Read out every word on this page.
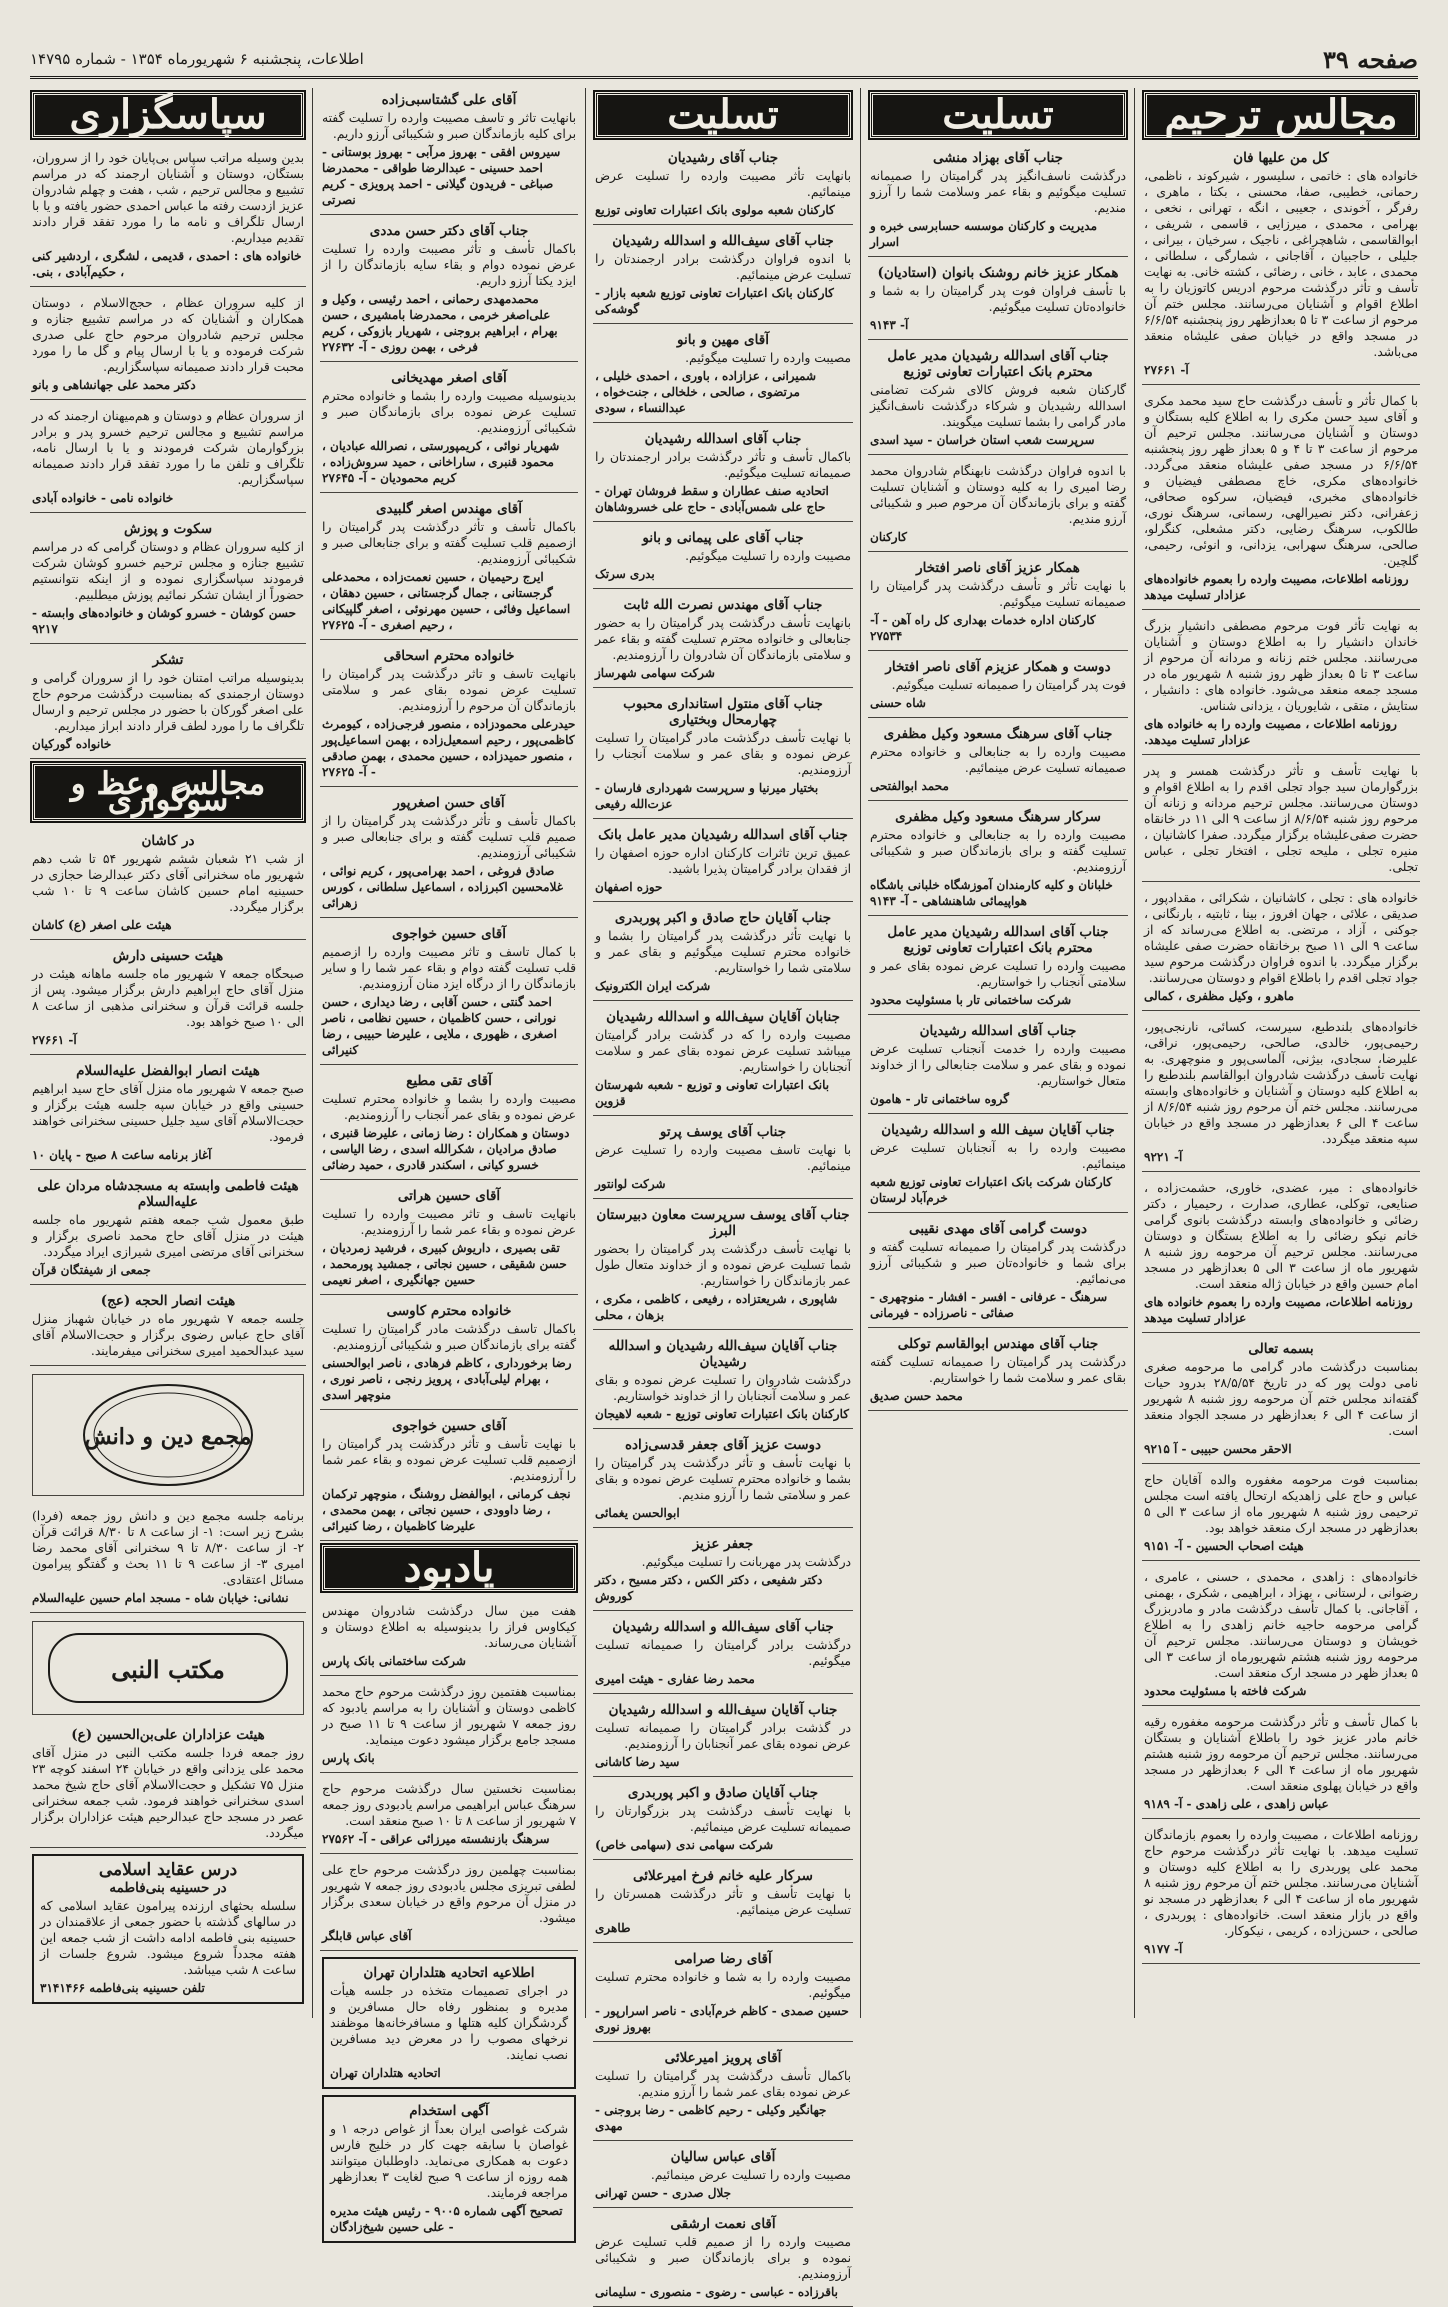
صفحه ۳۹
اطلاعات، پنجشنبه ۶ شهریورماه ۱۳۵۴ - شماره ۱۴۷۹۵
مجالس ترحیم
کل من علیها فان
خانواده های : خاتمی ، سلیسور ، شیرکوند ، ناظمی، رحمانی، خطیبی، صفا، محسنی ، بکتا ، ماهری ، رفرگر ، آخوندی ، جعیبی ، انگه ، تهرانی ، نخعی ، بهرامی ، محمدی ، میرزایی ، قاسمی ، شریفی ، ابوالقاسمی ، شاهچراغی ، ناجیک ، سرخیان ، بیرانی ، جلیلی ، حاجبیان ، آقاجانی ، شمارگی ، سلطانی ، محمدی ، عابد ، خانی ، رضائی ، کشته خانی. به نهایت تأسف و تأثر درگذشت مرحوم ادریس کاتوزیان را به اطلاع اقوام و آشنایان می‌رسانند. مجلس ختم آن مرحوم از ساعت ۳ تا ۵ بعدازظهر روز پنجشنبه ۶/۶/۵۴ در مسجد واقع در خیابان صفی علیشاه منعقد می‌باشد.
آ- ۲۷۶۶۱
با کمال تأثر و تأسف درگذشت حاج سید محمد مکری و آقای سید حسن مکری را به اطلاع کلیه بستگان و دوستان و آشنایان می‌رسانند. مجلس ترحیم آن مرحوم از ساعت ۳ تا ۴ و ۵ بعداز ظهر روز پنجشنبه ۶/۶/۵۴ در مسجد صفی علیشاه منعقد می‌گردد. خانواده‌های مکری، خاچ مصطفی فیضیان و خانواده‌های مخبری، فیضیان، سرکوه صحافی، زعفرانی، دکتر نصیرالهی، رسمانی، سرهنگ نوری، طالکوب، سرهنگ رضایی، دکتر مشعلی، کنگرلو، صالحی، سرهنگ سهرابی، یزدانی، و انوئی، رحیمی، گلچین.
روزنامه اطلاعات، مصیبت وارده را بعموم خانواده‌های عزادار تسلیت میدهد
به نهایت تأثر فوت مرحوم مصطفی دانشیار بزرگ خاندان دانشیار را به اطلاع دوستان و آشنایان می‌رسانند. مجلس ختم زنانه و مردانه آن مرحوم از ساعت ۳ تا ۵ بعداز ظهر روز شنبه ۸ شهریور ماه در مسجد جمعه منعقد می‌شود. خانواده های : دانشیار ، ستایش ، متقی ، شایوریان ، یزدانی شناس.
روزنامه اطلاعات ، مصیبت وارده را به خانواده های عزادار تسلیت میدهد.
با نهایت تأسف و تأثر درگذشت همسر و پدر بزرگوارمان سید جواد تجلی اقدم را به اطلاع اقوام و دوستان می‌رسانند. مجلس ترحیم مردانه و زنانه آن مرحوم روز شنبه ۸/۶/۵۴ از ساعت ۹ الی ۱۱ در خانقاه حضرت صفی‌علیشاه برگزار میگردد. صفرا کاشانیان ، منیره تجلی ، ملیحه تجلی ، افتخار تجلی ، عباس تجلی.
خانواده های : تجلی ، کاشانیان ، شکرائی ، مقدادپور ، صدیقی ، علائی ، جهان افروز ، بینا ، ثابتیه ، بارنگانی ، جوکنی ، آزاد ، مرتضی. به اطلاع می‌رساند که از ساعت ۹ الی ۱۱ صبح برخانقاه حضرت صفی علیشاه برگزار میگردد. با اندوه فراوان درگذشت مرحوم سید جواد تجلی اقدم را باطلاع اقوام و دوستان می‌رسانند.
ماهرو ، وکیل مظفری ، کمالی
خانواده‌های بلندطبع، سیرست، کسائی، نارنجی‌پور، رحیمی‌پور، خالدی، صالحی، رحیمی‌پور، نراقی، علیرضا، سجادی، بیژنی، آلماسی‌پور و منوچهری. به نهایت تأسف درگذشت شادروان ابوالقاسم بلندطبع را به اطلاع کلیه دوستان و آشنایان و خانواده‌های وابسته می‌رسانند. مجلس ختم آن مرحوم روز شنبه ۸/۶/۵۴ از ساعت ۴ الی ۶ بعدازظهر در مسجد واقع در خیابان سپه منعقد میگردد.
آ- ۹۲۲۱
خانواده‌های : میر، عضدی، خاوری، حشمت‌زاده ، صنایعی، توکلی، عطاری، صدارت ، رحیمیار ، دکتر رضائی و خانواده‌های وابسته درگذشت بانوی گرامی خانم نیکو رضائی را به اطلاع بستگان و دوستان می‌رسانند. مجلس ترحیم آن مرحومه روز شنبه ۸ شهریور ماه از ساعت ۳ الی ۵ بعدازظهر در مسجد امام حسین واقع در خیابان ژاله منعقد است.
روزنامه اطلاعات، مصیبت وارده را بعموم خانواده های عزادار تسلیت میدهد
بسمه تعالی
بمناسبت درگذشت مادر گرامی ما مرحومه صغری نامی دولت پور که در تاریخ ۲۸/۵/۵۴ بدرود حیات گفته‌اند مجلس ختم آن مرحومه روز شنبه ۸ شهریور از ساعت ۴ الی ۶ بعدازظهر در مسجد الجواد منعقد است.
الاحقر محسن حبیبی - آ ۹۲۱۵
بمناسبت فوت مرحومه مغفوره والده آقایان حاج عباس و حاج علی زاهدیکه ارتحال یافته است مجلس ترحیمی روز شنبه ۸ شهریور ماه از ساعت ۳ الی ۵ بعدازظهر در مسجد ارک منعقد خواهد بود.
هیئت اصحاب الحسین - آ- ۹۱۵۱
خانواده‌های : زاهدی ، محمدی ، حسنی ، عامری ، رضوانی ، لرستانی ، بهزاد ، ابراهیمی ، شکری ، بهمنی ، آقاجانی. با کمال تأسف درگذشت مادر و مادربزرگ گرامی مرحومه حاجیه خانم زاهدی را به اطلاع خویشان و دوستان می‌رسانند. مجلس ترحیم آن مرحومه روز شنبه هشتم شهریورماه از ساعت ۳ الی ۵ بعداز ظهر در مسجد ارک منعقد است.
شرکت فاخته با مسئولیت محدود
با کمال تأسف و تأثر درگذشت مرحومه مغفوره رقیه خانم مادر عزیز خود را باطلاع آشنایان و بستگان می‌رسانند. مجلس ترحیم آن مرحومه روز شنبه هشتم شهریور ماه از ساعت ۴ الی ۶ بعدازظهر در مسجد واقع در خیابان پهلوی منعقد است.
عباس زاهدی ، علی زاهدی - آ- ۹۱۸۹
روزنامه اطلاعات ، مصیبت وارده را بعموم بازماندگان تسلیت میدهد. با نهایت تأثر درگذشت مرحوم حاج محمد علی پوربدری را به اطلاع کلیه دوستان و آشنایان می‌رسانند. مجلس ختم آن مرحوم روز شنبه ۸ شهریور ماه از ساعت ۴ الی ۶ بعدازظهر در مسجد نو واقع در بازار منعقد است. خانواده‌های : پوربدری ، صالحی ، حسن‌زاده ، کریمی ، نیکوکار.
آ- ۹۱۷۷
تسلیت
جناب آقای بهزاد منشی
درگذشت ناسف‌انگیز پدر گرامیتان را صمیمانه تسلیت میگوئیم و بقاء عمر وسلامت شما را آرزو مندیم.
مدیریت و کارکنان موسسه حسابرسی خبره و اسرار
همکار عزیز خانم روشنک بانوان (استادیان)
با تأسف فراوان فوت پدر گرامیتان را به شما و خانواده‌تان تسلیت میگوئیم.
آ- ۹۱۴۳
جناب آقای اسدالله رشیدیان مدیر عامل محترم بانک اعتبارات تعاونی توزیع
گارکنان شعبه فروش کالای شرکت تضامنی اسدالله رشیدیان و شرکاء درگذشت ناسف‌انگیز مادر گرامی را بشما تسلیت میگویند.
سرپرست شعب استان خراسان - سید اسدی
با اندوه فراوان درگذشت نابهنگام شادروان محمد رضا امیری را به کلیه دوستان و آشنایان تسلیت گفته و برای بازماندگان آن مرحوم صبر و شکیبائی آرزو مندیم.
کارکنان
همکار عزیز آقای ناصر افتخار
با نهایت تأثر و تأسف درگذشت پدر گرامیتان را صمیمانه تسلیت میگوئیم.
کارکنان اداره خدمات بهداری کل راه آهن - آ- ۲۷۵۳۴
دوست و همکار عزیزم آقای ناصر افتخار
فوت پدر گرامیتان را صمیمانه تسلیت میگوئیم.
شاه حسنی
جناب آقای سرهنگ مسعود وکیل مظفری
مصیبت وارده را به جنابعالی و خانواده محترم صمیمانه تسلیت عرض مینمائیم.
محمد ابوالفتحی
سرکار سرهنگ مسعود وکیل مظفری
مصیبت وارده را به جنابعالی و خانواده محترم تسلیت گفته و برای بازماندگان صبر و شکیبائی آرزومندیم.
خلبانان و کلیه کارمندان آموزشگاه خلبانی باشگاه هواپیمائی شاهنشاهی - آ- ۹۱۴۳
جناب آقای اسدالله رشیدیان مدیر عامل محترم بانک اعتبارات تعاونی توزیع
مصیبت وارده را تسلیت عرض نموده بقای عمر و سلامتی آنجناب را خواستاریم.
شرکت ساختمانی تار با مسئولیت محدود
جناب آقای اسدالله رشیدیان
مصیبت وارده را خدمت آنجناب تسلیت عرض نموده و بقای عمر و سلامت جنابعالی را از خداوند متعال خواستاریم.
گروه ساختمانی تار - هامون
جناب آقایان سیف الله و اسدالله رشیدیان
مصیبت وارده را به آنجنابان تسلیت عرض مینمائیم.
کارکنان شرکت بانک اعتبارات تعاونی توزیع شعبه خرم‌آباد لرستان
دوست گرامی آقای مهدی نقیبی
درگذشت پدر گرامیتان را صمیمانه تسلیت گفته و برای شما و خانواده‌تان صبر و شکیبائی آرزو می‌نمائیم.
سرهنگ - عرفانی - افسر - افشار - منوچهری - صفائی - ناصرزاده - فیرمانی
جناب آقای مهندس ابوالقاسم توکلی
درگذشت پدر گرامیتان را صمیمانه تسلیت گفته بقای عمر و سلامت شما را خواستاریم.
محمد حسن صدیق
تسلیت
جناب آقای رشیدیان
بانهایت تأثر مصیبت وارده را تسلیت عرض مینمائیم.
کارکنان شعبه مولوی بانک اعتبارات تعاونی توزیع
جناب آقای سیف‌الله و اسدالله رشیدیان
با اندوه فراوان درگذشت برادر ارجمندتان را تسلیت عرض مینمائیم.
کارکنان بانک اعتبارات تعاونی توزیع شعبه بازار - گوشه‌کی
آقای مهین و بانو
مصیبت وارده را تسلیت میگوئیم.
شمیرانی ، عزازاده ، باوری ، احمدی خلیلی ، مرتضوی ، صالحی ، خلخالی ، جنت‌خواه ، عبدالنساء ، سودی
جناب آقای اسدالله رشیدیان
باکمال تأسف و تأثر درگذشت برادر ارجمندتان را صمیمانه تسلیت میگوئیم.
اتحادیه صنف عطاران و سقط فروشان تهران - حاج علی شمس‌آبادی - حاج علی خسروشاهان
جناب آقای علی پیمانی و بانو
مصیبت وارده را تسلیت میگوئیم.
بدری سرتک
جناب آقای مهندس نصرت الله ثابت
بانهایت تأسف درگذشت پدر گرامیتان را به حضور جنابعالی و خانواده محترم تسلیت گفته و بقاء عمر و سلامتی بازماندگان آن شادروان را آرزومندیم.
شرکت سهامی شهرساز
جناب آقای منتول استانداری محبوب چهارمحال وبختیاری
با نهایت تأسف درگذشت مادر گرامیتان را تسلیت عرض نموده و بقای عمر و سلامت آنجناب را آرزومندیم.
بختیار میرنیا و سرپرست شهرداری فارسان - عزت‌الله رفیعی
جناب آقای اسدالله رشیدیان مدیر عامل بانک
عمیق ترین تاثرات کارکنان اداره حوزه اصفهان را از فقدان برادر گرامیتان پذیرا باشید.
حوزه اصفهان
جناب آقایان حاج صادق و اکبر پوربدری
با نهایت تأثر درگذشت پدر گرامیتان را بشما و خانواده محترم تسلیت میگوئیم و بقای عمر و سلامتی شما را خواستاریم.
شرکت ایران الکترونیک
جنابان آقایان سیف‌الله و اسدالله رشیدیان
مصیبت وارده را که در گذشت برادر گرامیتان میباشد تسلیت عرض نموده بقای عمر و سلامت آنجنابان را خواستاریم.
بانک اعتبارات تعاونی و توزیع - شعبه شهرستان قزوین
جناب آقای یوسف پرتو
با نهایت تاسف مصیبت وارده را تسلیت عرض مینمائیم.
شرکت لوانتور
جناب آقای یوسف سرپرست معاون دبیرستان البرز
با نهایت تأسف درگذشت پدر گرامیتان را بحضور شما تسلیت عرض نموده و از خداوند متعال طول عمر بازماندگان را خواستاریم.
شاپوری ، شریعتزاده ، رفیعی ، کاظمی ، مکری ، بزهان ، محلی
جناب آقایان سیف‌الله رشیدیان و اسدالله رشیدیان
درگذشت شادروان را تسلیت عرض نموده و بقای عمر و سلامت آنجنابان را از خداوند خواستاریم.
کارکنان بانک اعتبارات تعاونی توزیع - شعبه لاهیجان
دوست عزیز آقای جعفر قدسی‌زاده
با نهایت تأسف و تأثر درگذشت پدر گرامیتان را بشما و خانواده محترم تسلیت عرض نموده و بقای عمر و سلامتی شما را آرزو مندیم.
ابوالحسن یغمائی
جعفر عزیز
درگذشت پدر مهربانت را تسلیت میگوئیم.
دکتر شفیعی ، دکتر الکس ، دکتر مسیح ، دکتر کوروش
جناب آقای سیف‌الله و اسدالله رشیدیان
درگذشت برادر گرامیتان را صمیمانه تسلیت میگوئیم.
محمد رضا عفاری - هیئت امیری
جناب آقایان سیف‌الله و اسدالله رشیدیان
در گذشت برادر گرامیتان را صمیمانه تسلیت عرض نموده بقای عمر آنجنابان را آرزومندیم.
سید رضا کاشانی
جناب آقایان صادق و اکبر پوربدری
با نهایت تأسف درگذشت پدر بزرگوارتان را صمیمانه تسلیت عرض مینمائیم.
شرکت سهامی ندی (سهامی خاص)
سرکار علیه خانم فرخ امیرعلائی
با نهایت تأسف و تأثر درگذشت همسرتان را تسلیت عرض مینمائیم.
طاهری
آقای رضا صرامی
مصیبت وارده را به شما و خانواده محترم تسلیت میگوئیم.
حسین صمدی - کاظم خرم‌آبادی - ناصر اسرارپور - بهروز نوری
آقای پرویز امیرعلائی
باکمال تأسف درگذشت پدر گرامیتان را تسلیت عرض نموده بقای عمر شما را آرزو مندیم.
جهانگیر وکیلی - رحیم کاظمی - رضا بروجنی - مهدی
آقای عباس سالیان
مصیبت وارده را تسلیت عرض مینمائیم.
جلال صدری - حسن تهرانی
آقای نعمت ارشقی
مصیبت وارده را از صمیم قلب تسلیت عرض نموده و برای بازماندگان صبر و شکیبائی آرزومندیم.
باقرزاده - عباسی - رضوی - منصوری - سلیمانی
آقای علی گشتاسبی‌زاده
بانهایت تاثر و تاسف مصیبت وارده را تسلیت گفته برای کلیه بازماندگان صبر و شکیبائی آرزو داریم.
سیروس افقی - بهروز مرآبی - بهروز بوستانی - احمد حسینی - عبدالرضا طواقی - محمدرضا صباغی - فریدون گیلانی - احمد پرویزی - کریم نصرتی
جناب آقای دکتر حسن مددی
باکمال تأسف و تأثر مصیبت وارده را تسلیت عرض نموده دوام و بقاء سایه بازماندگان را از ایزد یکتا آرزو داریم.
محمدمهدی رحمانی ، احمد رئیسی ، وکیل و علی‌اصغر خرمی ، محمدرضا بامشیری ، حسن بهرام ، ابراهیم بروجنی ، شهریار بازوکی ، کریم فرخی ، بهمن روزی - آ- ۲۷۶۳۲
آقای اصغر مهدیخانی
بدینوسیله مصیبت وارده را بشما و خانواده محترم تسلیت عرض نموده برای بازماندگان صبر و شکیبائی آرزومندیم.
شهریار نوائی ، کریمپورستی ، نصرالله عبادیان ، محمود قنبری ، ساراخانی ، حمید سروش‌زاده ، کریم محمودیان - آ- ۲۷۶۴۵
آقای مهندس اصغر گلبیدی
باکمال تأسف و تأثر درگذشت پدر گرامیتان را ازصمیم قلب تسلیت گفته و برای جنابعالی صبر و شکیبائی آرزومندیم.
ایرج رحیمیان ، حسین نعمت‌زاده ، محمدعلی گرجستانی ، جمال گرجستانی ، حسین دهقان ، اسماعیل وفائی ، حسین مهرنوئی ، اصغر گلپیکانی ، رحیم اصغری - آ- ۲۷۶۲۵
خانواده محترم اسحاقی
بانهایت تاسف و تاثر درگذشت پدر گرامیتان را تسلیت عرض نموده بقای عمر و سلامتی بازماندگان آن مرحوم را آرزومندیم.
حیدرعلی محمودزاده ، منصور فرجی‌زاده ، کیومرث کاظمی‌پور ، رحیم اسمعیل‌زاده ، بهمن اسماعیل‌پور ، منصور حمیدزاده ، حسین محمدی ، بهمن صادقی - آ- ۲۷۶۲۵
آقای حسن اصغرپور
باکمال تأسف و تأثر درگذشت پدر گرامیتان را از صمیم قلب تسلیت گفته و برای جنابعالی صبر و شکیبائی آرزومندیم.
صادق فروغی ، احمد بهرامی‌پور ، کریم نوائی ، غلامحسین اکبرزاده ، اسماعیل سلطانی ، کورس زهرائی
آقای حسین خواجوی
با کمال تاسف و تاثر مصیبت وارده را ازصمیم قلب تسلیت گفته دوام و بقاء عمر شما را و سایر بازماندگان را از درگاه ایزد منان آرزومندیم.
احمد گنتی ، حسن آقابی ، رضا دیداری ، حسن نورانی ، حسن کاظمیان ، حسین نظامی ، ناصر اصغری ، ظهوری ، ملایی ، علیرضا حبیبی ، رضا کنیرائی
آقای تقی مطیع
مصیبت وارده را بشما و خانواده محترم تسلیت عرض نموده و بقای عمر آنجناب را آرزومندیم.
دوستان و همکاران : رضا زمانی ، علیرضا قنبری ، صادق مرادیان ، شکرالله اسدی ، رضا الیاسی ، خسرو کیانی ، اسکندر قادری ، حمید رضائی
آقای حسین هراتی
بانهایت تاسف و تاثر مصیبت وارده را تسلیت عرض نموده و بقاء عمر شما را آرزومندیم.
تقی بصیری ، داریوش کبیری ، فرشید زمردیان ، حسن شقیقی ، حسین نجاتی ، جمشید پورمحمد ، حسین جهانگیری ، اصغر نعیمی
خانواده محترم کاوسی
باکمال تاسف درگذشت مادر گرامیتان را تسلیت گفته برای بازماندگان صبر و شکیبائی آرزومندیم.
رضا برخورداری ، کاظم فرهادی ، ناصر ابوالحسنی ، بهرام لیلی‌آبادی ، پرویز رنجی ، ناصر نوری ، منوچهر اسدی
آقای حسین خواجوی
با نهایت تأسف و تأثر درگذشت پدر گرامیتان را ازصمیم قلب تسلیت عرض نموده و بقاء عمر شما را آرزومندیم.
نجف کرمانی ، ابوالفضل روشنگ ، منوچهر ترکمان ، رضا داوودی ، حسین نجاتی ، بهمن محمدی ، علیرضا کاظمیان ، رضا کنیرائی
یادبود
هفت مین سال درگذشت شادروان مهندس کیکاوس فراز را بدینوسیله به اطلاع دوستان و آشنایان می‌رساند.
شرکت ساختمانی بانک پارس
بمناسبت هفتمین روز درگذشت مرحوم حاج محمد کاظمی دوستان و آشنایان را به مراسم یادبود که روز جمعه ۷ شهریور از ساعت ۹ تا ۱۱ صبح در مسجد جامع برگزار میشود دعوت مینماید.
بانک پارس
بمناسبت نخستین سال درگذشت مرحوم حاج سرهنگ عباس ابراهیمی مراسم یادبودی روز جمعه ۷ شهریور از ساعت ۸ تا ۱۰ صبح منعقد است.
سرهنگ بازنشسته میرزائی عراقی - آ- ۲۷۵۶۲
بمناسبت چهلمین روز درگذشت مرحوم حاج علی لطفی تبریزی مجلس یادبودی روز جمعه ۷ شهریور در منزل آن مرحوم واقع در خیابان سعدی برگزار میشود.
آقای عباس قابلگر
اطلاعیه اتحادیه هتلداران تهران
در اجرای تصمیمات متخذه در جلسه هیأت مدیره و بمنظور رفاه حال مسافرین و گردشگران کلیه هتلها و مسافرخانه‌ها موظفند نرخهای مصوب را در معرض دید مسافرین نصب نمایند.
اتحادیه هتلداران تهران
آگهی استخدام
شرکت غواصی ایران بعداً از غواص درجه ۱ و غواصان با سابقه جهت کار در خلیج فارس دعوت به همکاری می‌نماید. داوطلبان میتوانند همه روزه از ساعت ۹ صبح لغایت ۳ بعدازظهر مراجعه فرمایند.
تصحیح آگهی شماره ۹۰۰۵ - رئیس هیئت مدیره - علی حسین شیخ‌زادگان
سپاسگزاری
بدین وسیله مراتب سپاس بی‌پایان خود را از سروران، بستگان، دوستان و آشنایان ارجمند که در مراسم تشییع و مجالس ترحیم ، شب ، هفت و چهلم شادروان عزیز ازدست رفته ما عباس احمدی حضور یافته و یا با ارسال تلگراف و نامه ما را مورد تفقد قرار دادند تقدیم میداریم.
خانواده های : احمدی ، قدیمی ، لشگری ، اردشیر کنی ، حکیم‌آبادی ، بنی.
از کلیه سروران عظام ، حجج‌الاسلام ، دوستان همکاران و آشنایان که در مراسم تشییع جنازه و مجلس ترحیم شادروان مرحوم حاج علی صدری شرکت فرموده و یا با ارسال پیام و گل ما را مورد محبت قرار دادند صمیمانه سپاسگزاریم.
دکتر محمد علی جهانشاهی و بانو
از سروران عظام و دوستان و هم‌میهنان ارجمند که در مراسم تشییع و مجالس ترحیم خسرو پدر و برادر بزرگوارمان شرکت فرمودند و یا با ارسال نامه، تلگراف و تلفن ما را مورد تفقد قرار دادند صمیمانه سپاسگزاریم.
خانواده نامی - خانواده آبادی
سکوت و پوزش
از کلیه سروران عظام و دوستان گرامی که در مراسم تشییع جنازه و مجلس ترحیم خسرو کوشان شرکت فرمودند سپاسگزاری نموده و از اینکه نتوانستیم حضوراً از ایشان تشکر نمائیم پوزش میطلبیم.
حسن کوشان - خسرو کوشان و خانواده‌های وابسته - ۹۲۱۷
تشکر
بدینوسیله مراتب امتنان خود را از سروران گرامی و دوستان ارجمندی که بمناسبت درگذشت مرحوم حاج علی اصغر گورکان با حضور در مجلس ترحیم و ارسال تلگراف ما را مورد لطف قرار دادند ابراز میداریم.
خانواده گورکیان
مجالس وعظ و سوگواری
در کاشان
از شب ۲۱ شعبان ششم شهریور ۵۴ تا شب دهم شهریور ماه سخنرانی آقای دکتر عبدالرضا حجازی در حسینیه امام حسین کاشان ساعت ۹ تا ۱۰ شب برگزار میگردد.
هیئت علی اصغر (ع) کاشان
هیئت حسینی دارش
صبحگاه جمعه ۷ شهریور ماه جلسه ماهانه هیئت در منزل آقای حاج ابراهیم دارش برگزار میشود. پس از جلسه قرائت قرآن و سخنرانی مذهبی از ساعت ۸ الی ۱۰ صبح خواهد بود.
آ- ۲۷۶۶۱
هیئت انصار ابوالفضل علیه‌السلام
صبح جمعه ۷ شهریور ماه منزل آقای حاج سید ابراهیم حسینی واقع در خیابان سپه جلسه هیئت برگزار و حجت‌الاسلام آقای سید جلیل حسینی سخنرانی خواهند فرمود.
آغاز برنامه ساعت ۸ صبح - پایان ۱۰
هیئت فاطمی وابسته به مسجدشاه مردان علی علیه‌السلام
طبق معمول شب جمعه هفتم شهریور ماه جلسه هیئت در منزل آقای حاج محمد ناصری برگزار و سخنرانی آقای مرتضی امیری شیرازی ایراد میگردد.
جمعی از شیفتگان قرآن
هیئت انصار الحجه (عج)
جلسه جمعه ۷ شهریور ماه در خیابان شهباز منزل آقای حاج عباس رضوی برگزار و حجت‌الاسلام آقای سید عبدالحمید امیری سخنرانی میفرمایند.
مجمع دین و دانش
برنامه جلسه مجمع دین و دانش روز جمعه (فردا) بشرح زیر است: ۱- از ساعت ۸ تا ۸/۳۰ قرائت قرآن ۲- از ساعت ۸/۳۰ تا ۹ سخنرانی آقای محمد رضا امیری ۳- از ساعت ۹ تا ۱۱ بحث و گفتگو پیرامون مسائل اعتقادی.
نشانی: خیابان شاه - مسجد امام حسین علیه‌السلام
مکتب النبی
هیئت عزاداران علی‌بن‌الحسین (ع)
روز جمعه فردا جلسه مکتب النبی در منزل آقای محمد علی یزدانی واقع در خیابان ۲۴ اسفند کوچه ۲۳ منزل ۷۵ تشکیل و حجت‌الاسلام آقای حاج شیخ محمد اسدی سخنرانی خواهند فرمود. شب جمعه سخنرانی عصر در مسجد حاج عبدالرحیم هیئت عزاداران برگزار میگردد.
درس عقاید اسلامی
در حسینیه بنی‌فاطمه
سلسله بحثهای ارزنده پیرامون عقاید اسلامی که در سالهای گذشته با حضور جمعی از علاقمندان در حسینیه بنی فاطمه ادامه داشت از شب جمعه این هفته مجدداً شروع میشود. شروع جلسات از ساعت ۸ شب میباشد.
تلفن حسینیه بنی‌فاطمه ۳۱۴۱۴۶۶
